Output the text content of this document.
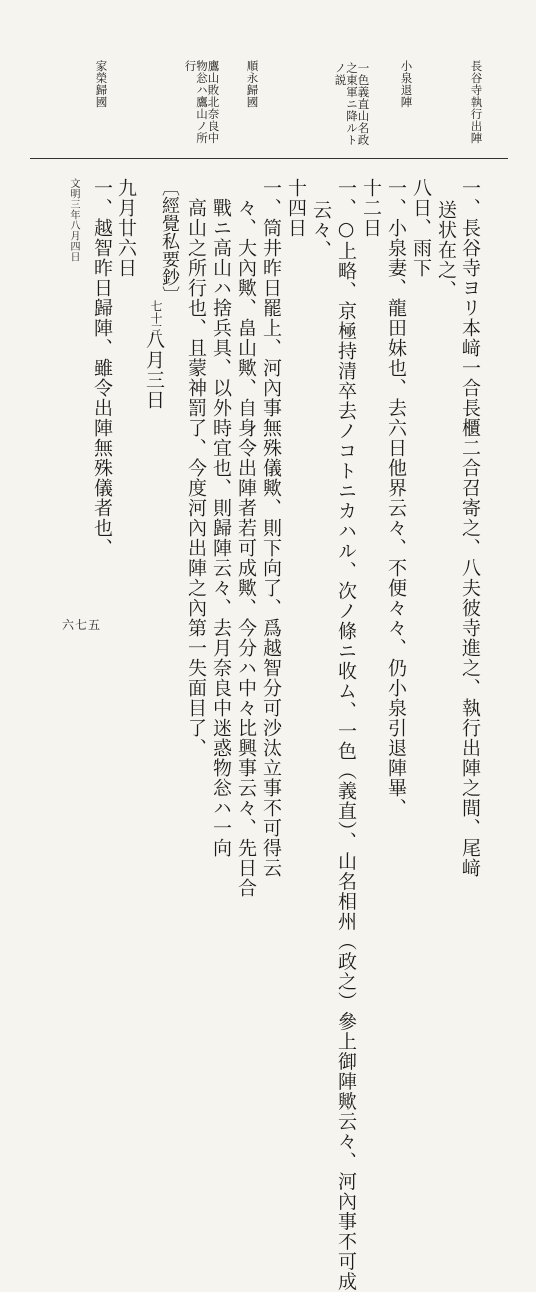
長谷寺執行出陣
小泉退陣
一色義直山名政之東軍ニ降ルト ノ説
順永歸國
鷹山敗北奈良中物忩ハ鷹山ノ所行
家榮歸國
一、長谷寺ヨリ本﨑一合長櫃二合召寄之、八夫彼寺進之、執行出陣之間、尾﨑
送状在之、
八日、雨下
一、小泉妻、龍田妹也、去六日他界云々、不便々々、仍小泉引退陣畢、
十二日
一、○上略、京極持清卒去ノコトニカハル、次ノ條ニ收ム、一色（義直）、山名相州（政之）參上御陣歟云々、河內事不可成
云々、
十四日
一、筒井昨日罷上、河內事無殊儀歟、則下向了、爲越智分可沙汰立事不可得云
々、大內歟、畠山歟、自身令出陣者若可成歟、今分ハ中々比興事云々、先日合
戰ニ高山ハ捨兵具、以外時宜也、則歸陣云々、去月奈良中迷惑物忩ハ一向
高山之所行也、且蒙神罰了、今度河內出陣之內第一失面目了、
〔經覺私要鈔〕
七十三
八月三日
九月廿六日
一、越智昨日歸陣、雖令出陣無殊儀者也、
文明三年八月四日
六七五
